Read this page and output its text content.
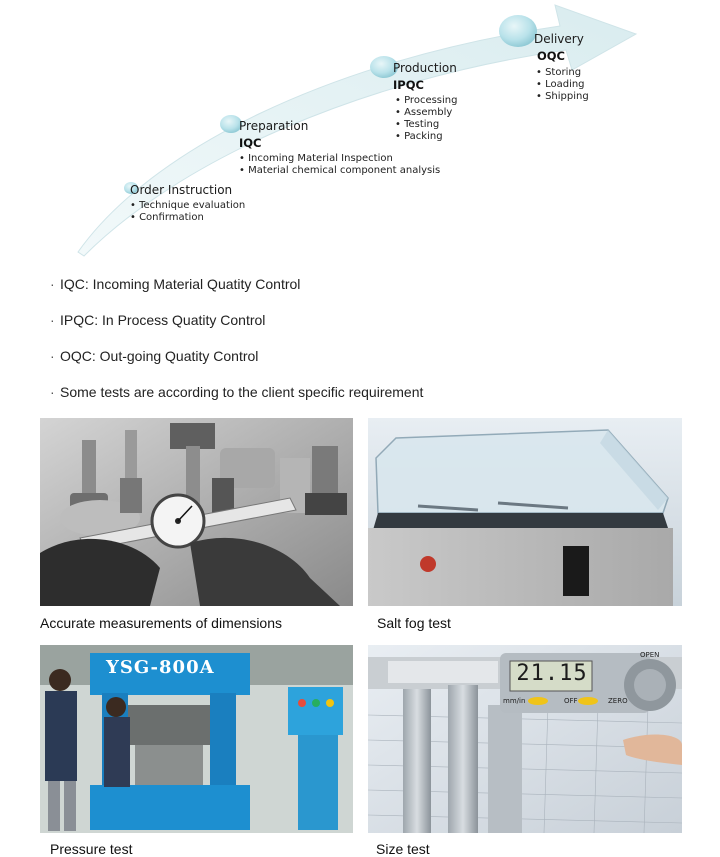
Order Instruction
• Technique evaluation
• Confirmation
Preparation
IQC
• Incoming Material Inspection
• Material chemical component analysis
Production
IPQC
• Processing
• Assembly
• Testing
• Packing
Delivery
OQC
• Storing
• Loading
• Shipping
· IQC: Incoming Material Quatity Control
· IPQC: In Process Quatity Control
· OQC: Out-going Quatity Control
· Some tests are according to the client specific requirement
Accurate measurements of dimensions	Salt fog test
YSG-800A
Pressure test
21.15
mm/in	OFF	ZERO
OPEN
Size test
